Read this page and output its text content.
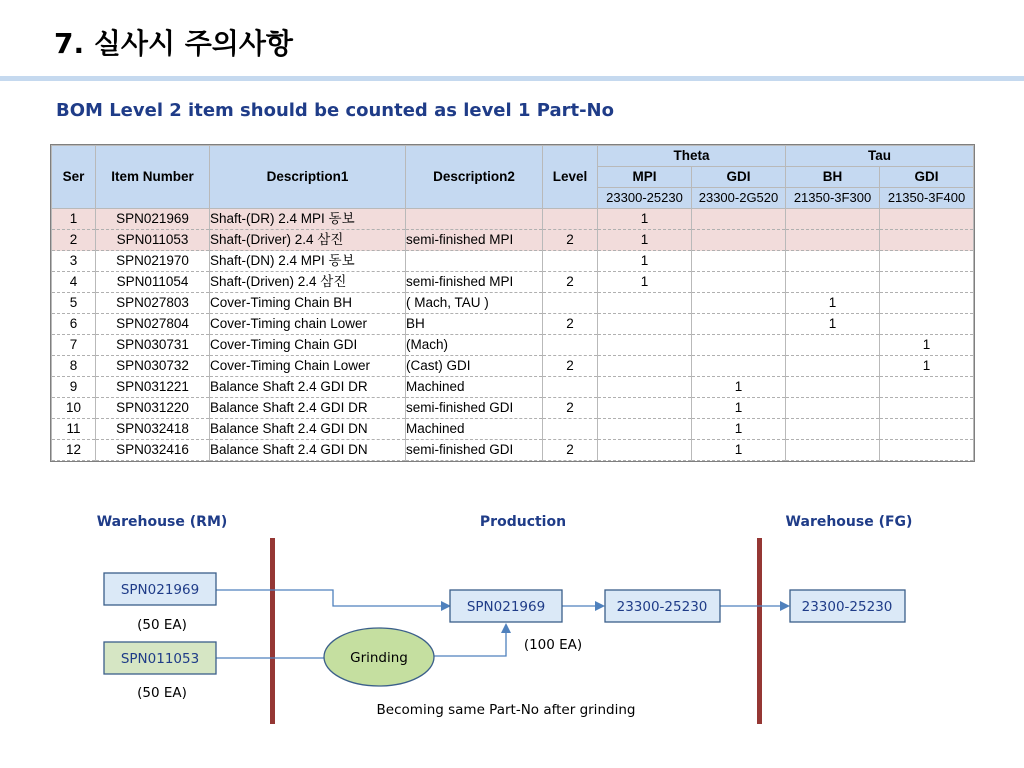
7. 실사시 주의사항
BOM Level 2 item should be counted as level 1 Part-No
Ser	Item Number	Description1	Description2	Level	Theta		Tau	
					MPI	GDI	BH	GDI
					23300-25230	23300-2G520	21350-3F300	21350-3F400
1	SPN021969	Shaft-(DR) 2.4 MPI 동보			1			
2	SPN011053	Shaft-(Driver) 2.4 삼진	semi-finished MPI	2	1			
3	SPN021970	Shaft-(DN) 2.4 MPI 동보			1			
4	SPN011054	Shaft-(Driven) 2.4 삼진	semi-finished MPI	2	1			
5	SPN027803	Cover-Timing Chain BH	( Mach, TAU )				1	
6	SPN027804	Cover-Timing chain Lower	BH	2			1	
7	SPN030731	Cover-Timing Chain GDI	(Mach)					1
8	SPN030732	Cover-Timing Chain Lower	(Cast) GDI	2				1
9	SPN031221	Balance Shaft 2.4 GDI DR	Machined			1		
10	SPN031220	Balance Shaft 2.4 GDI DR	semi-finished GDI	2		1		
11	SPN032418	Balance Shaft 2.4 GDI DN	Machined			1		
12	SPN032416	Balance Shaft 2.4 GDI DN	semi-finished GDI	2		1		
Warehouse (RM)	Production	Warehouse (FG)
SPN021969
(50 EA)
SPN011053
(50 EA)
Grinding
SPN021969
(100 EA)
23300-25230	23300-25230
Becoming same Part-No after grinding
